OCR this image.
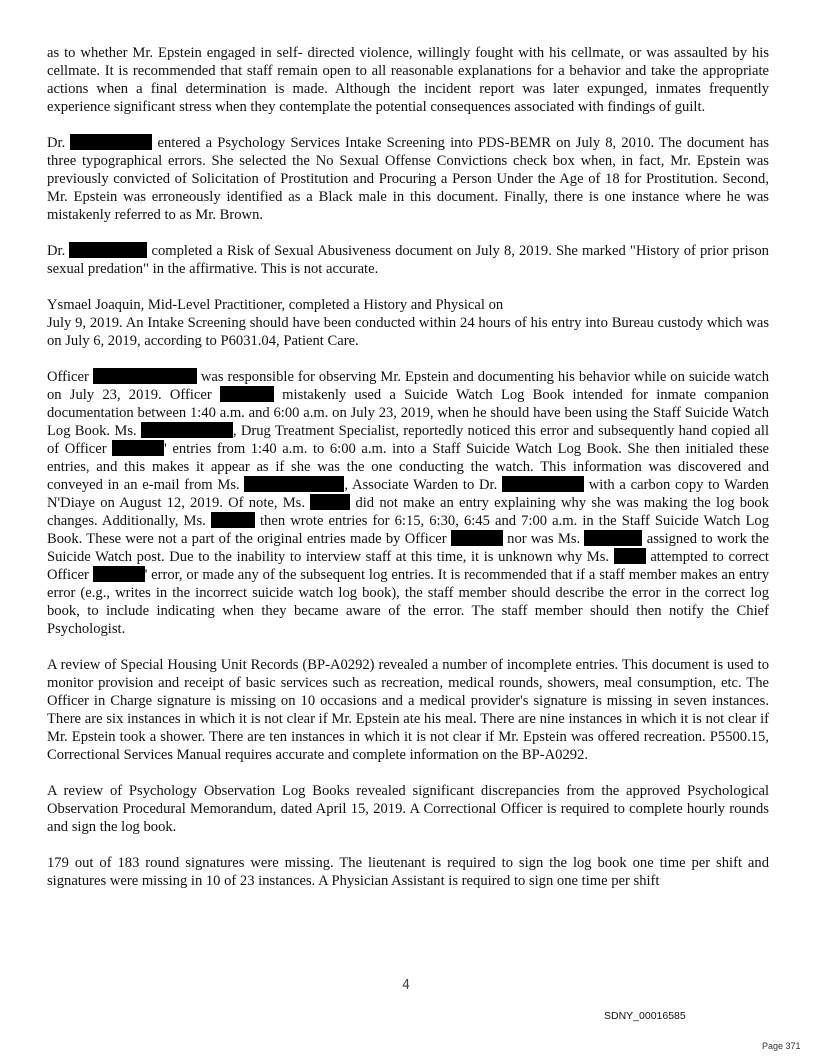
as to whether Mr. Epstein engaged in self- directed violence, willingly fought with his cellmate, or was assaulted by his cellmate. It is recommended that staff remain open to all reasonable explanations for a behavior and take the appropriate actions when a final determination is made. Although the incident report was later expunged, inmates frequently experience significant stress when they contemplate the potential consequences associated with findings of guilt.

Dr.	entered a Psychology Services Intake Screening into PDS-BEMR on July 8, 2010. The document has three typographical errors. She selected the No Sexual Offense Convictions check box when, in fact, Mr. Epstein was previously convicted of Solicitation of Prostitution and Procuring a Person Under the Age of 18 for Prostitution. Second, Mr. Epstein was erroneously identified as a Black male in this document. Finally, there is one instance where he was mistakenly referred to as Mr. Brown.

Dr.	completed a Risk of Sexual Abusiveness document on July 8, 2019. She marked "History of prior prison sexual predation" in the affirmative. This is not accurate.

Ysmael Joaquin, Mid-Level Practitioner, completed a History and Physical on
July 9, 2019. An Intake Screening should have been conducted within 24 hours of his entry into Bureau custody which was on July 6, 2019, according to P6031.04, Patient Care.

Officer	was responsible for observing Mr. Epstein and documenting his behavior while on suicide watch on July 23, 2019. Officer	mistakenly used a Suicide Watch Log Book intended for inmate companion documentation between 1:40 a.m. and 6:00 a.m. on July 23, 2019, when he should have been using the Staff Suicide Watch Log Book. Ms.	, Drug Treatment Specialist, reportedly noticed this error and subsequently hand copied all of Officer	' entries from 1:40 a.m. to 6:00 a.m. into a Staff Suicide Watch Log Book. She then initialed these entries, and this makes it appear as if she was the one conducting the watch. This information was discovered and conveyed in an e-mail from Ms.	, Associate Warden to Dr.	with a carbon copy to Warden N'Diaye on August 12, 2019. Of note, Ms.	did not make an entry explaining why she was making the log book changes. Additionally, Ms.	then wrote entries for 6:15, 6:30, 6:45 and 7:00 a.m. in the Staff Suicide Watch Log Book. These were not a part of the original entries made by Officer	nor was Ms.	assigned to work the Suicide Watch post. Due to the inability to interview staff at this time, it is unknown why Ms.	attempted to correct Officer	' error, or made any of the subsequent log entries. It is recommended that if a staff member makes an entry error (e.g., writes in the incorrect suicide watch log book), the staff member should describe the error in the correct log book, to include indicating when they became aware of the error. The staff member should then notify the Chief Psychologist.

A review of Special Housing Unit Records (BP-A0292) revealed a number of incomplete entries. This document is used to monitor provision and receipt of basic services such as recreation, medical rounds, showers, meal consumption, etc. The Officer in Charge signature is missing on 10 occasions and a medical provider's signature is missing in seven instances. There are six instances in which it is not clear if Mr. Epstein ate his meal. There are nine instances in which it is not clear if Mr. Epstein took a shower. There are ten instances in which it is not clear if Mr. Epstein was offered recreation. P5500.15, Correctional Services Manual requires accurate and complete information on the BP-A0292.

A review of Psychology Observation Log Books revealed significant discrepancies from the approved Psychological Observation Procedural Memorandum, dated April 15, 2019. A Correctional Officer is required to complete hourly rounds and sign the log book.

179 out of 183 round signatures were missing. The lieutenant is required to sign the log book one time per shift and signatures were missing in 10 of 23 instances. A Physician Assistant is required to sign one time per shift

4
SDNY_00016585
Page 371
